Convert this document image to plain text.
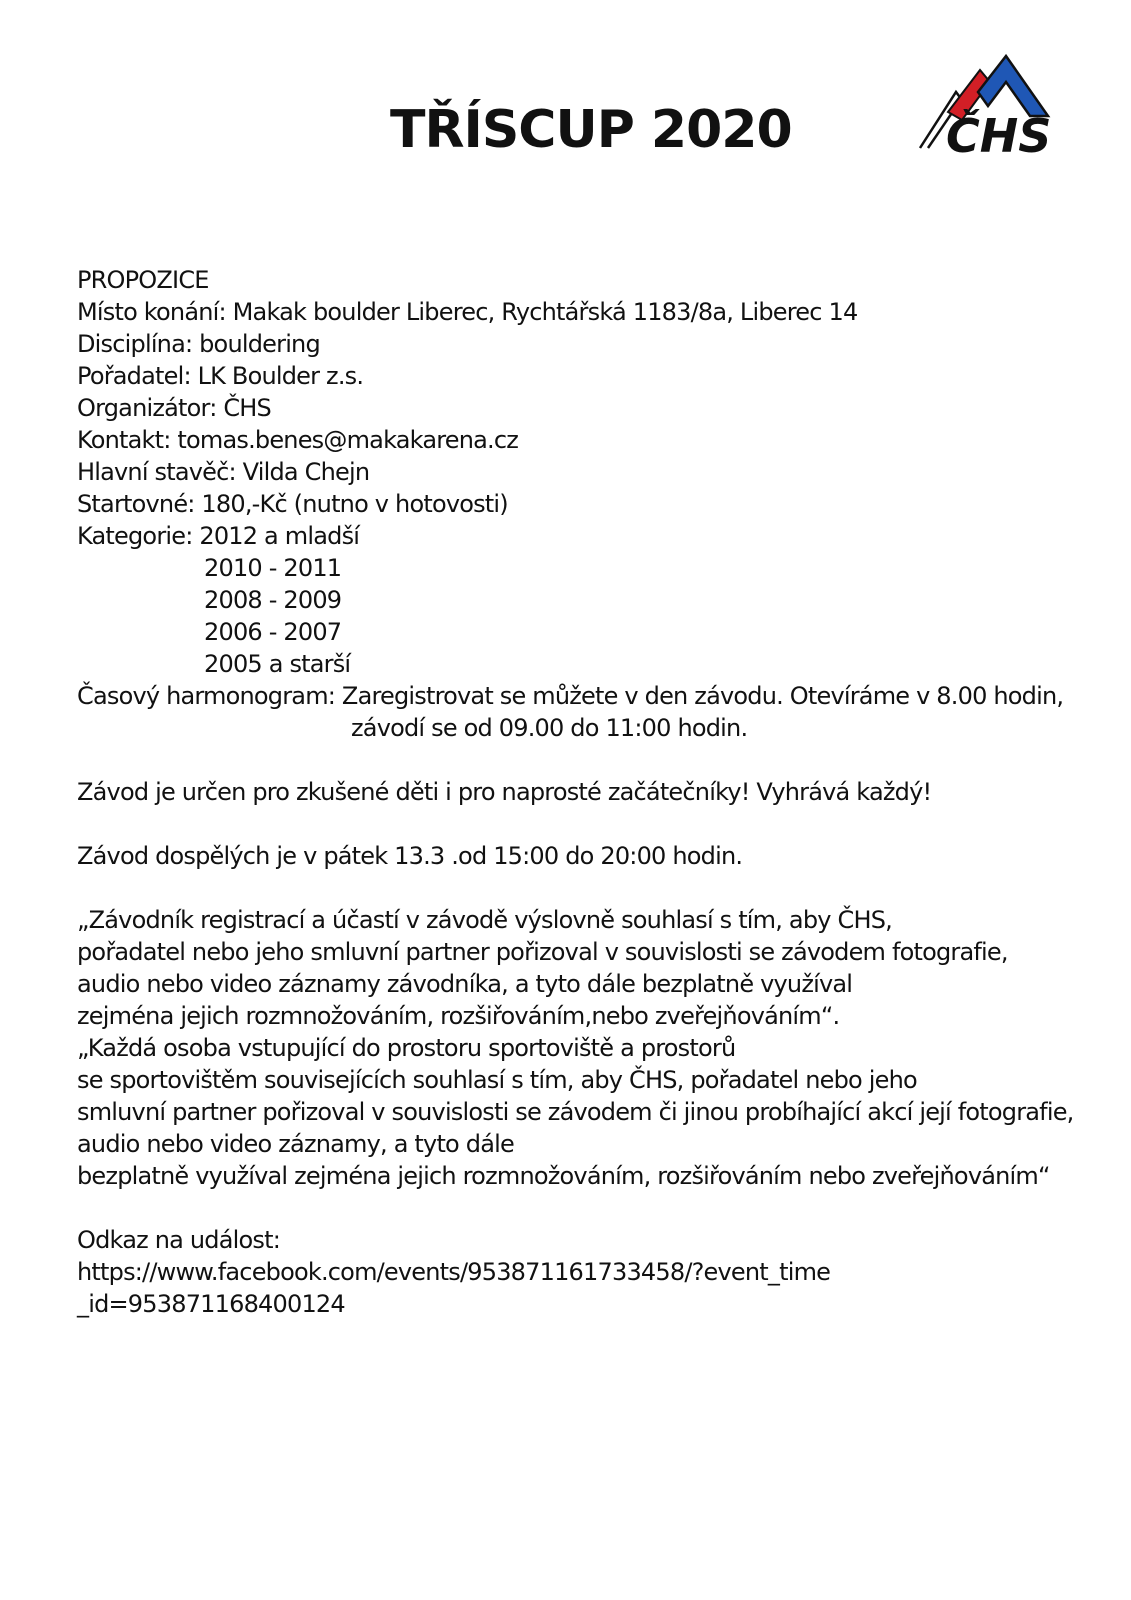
TŘÍSCUP 2020	ČHS
PROPOZICE
Místo konání: Makak boulder Liberec, Rychtářská 1183/8a, Liberec 14
Disciplína: bouldering
Pořadatel: LK Boulder z.s.
Organizátor: ČHS
Kontakt: tomas.benes@makakarena.cz
Hlavní stavěč: Vilda Chejn
Startovné: 180,-Kč (nutno v hotovosti)
Kategorie: 2012 a mladší
2010 - 2011
2008 - 2009
2006 - 2007
2005 a starší
Časový harmonogram: Zaregistrovat se můžete v den závodu. Otevíráme v 8.00 hodin,
závodí se od 09.00 do 11:00 hodin.
Závod je určen pro zkušené děti i pro naprosté začátečníky! Vyhrává každý!
Závod dospělých je v pátek 13.3 .od 15:00 do 20:00 hodin.
„Závodník registrací a účastí v závodě výslovně souhlasí s tím, aby ČHS,
pořadatel nebo jeho smluvní partner pořizoval v souvislosti se závodem fotografie,
audio nebo video záznamy závodníka, a tyto dále bezplatně využíval
zejména jejich rozmnožováním, rozšiřováním,nebo zveřejňováním“.
„Každá osoba vstupující do prostoru sportoviště a prostorů
se sportovištěm souvisejících souhlasí s tím, aby ČHS, pořadatel nebo jeho
smluvní partner pořizoval v souvislosti se závodem či jinou probíhající akcí její fotografie,
audio nebo video záznamy, a tyto dále
bezplatně využíval zejména jejich rozmnožováním, rozšiřováním nebo zveřejňováním“
Odkaz na událost:
https://www.facebook.com/events/953871161733458/?event_time
_id=953871168400124
